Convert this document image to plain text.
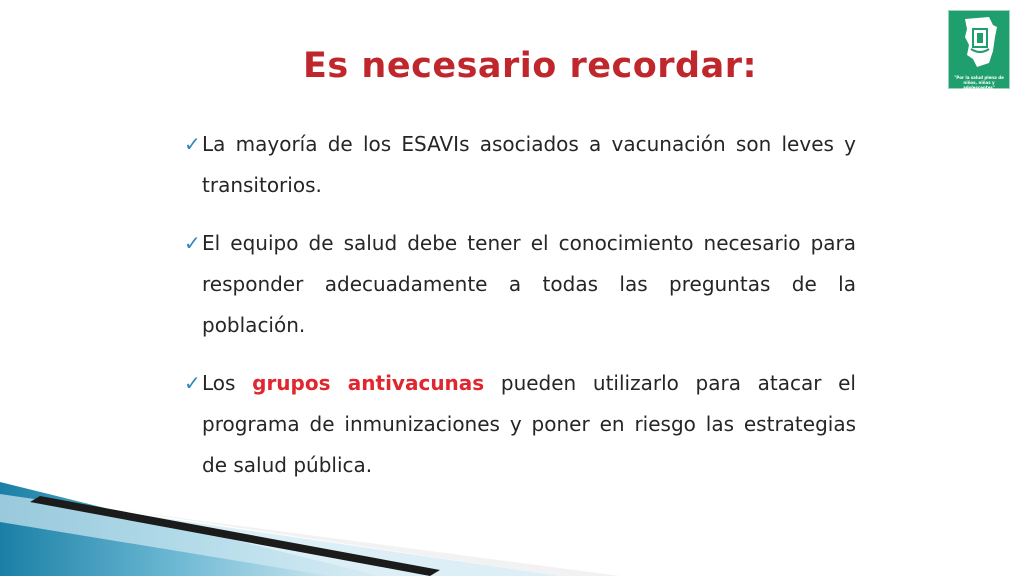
Es necesario recordar:	"Por la salud plena de niños, niñas y adolescentes"
✓ La mayoría de los ESAVIs asociados a vacunación son leves y transitorios.
✓ El equipo de salud debe tener el conocimiento necesario para responder adecuadamente a todas las preguntas de la población.
✓ Los grupos antivacunas pueden utilizarlo para atacar el programa de inmunizaciones y poner en riesgo las estrategias de salud pública.
